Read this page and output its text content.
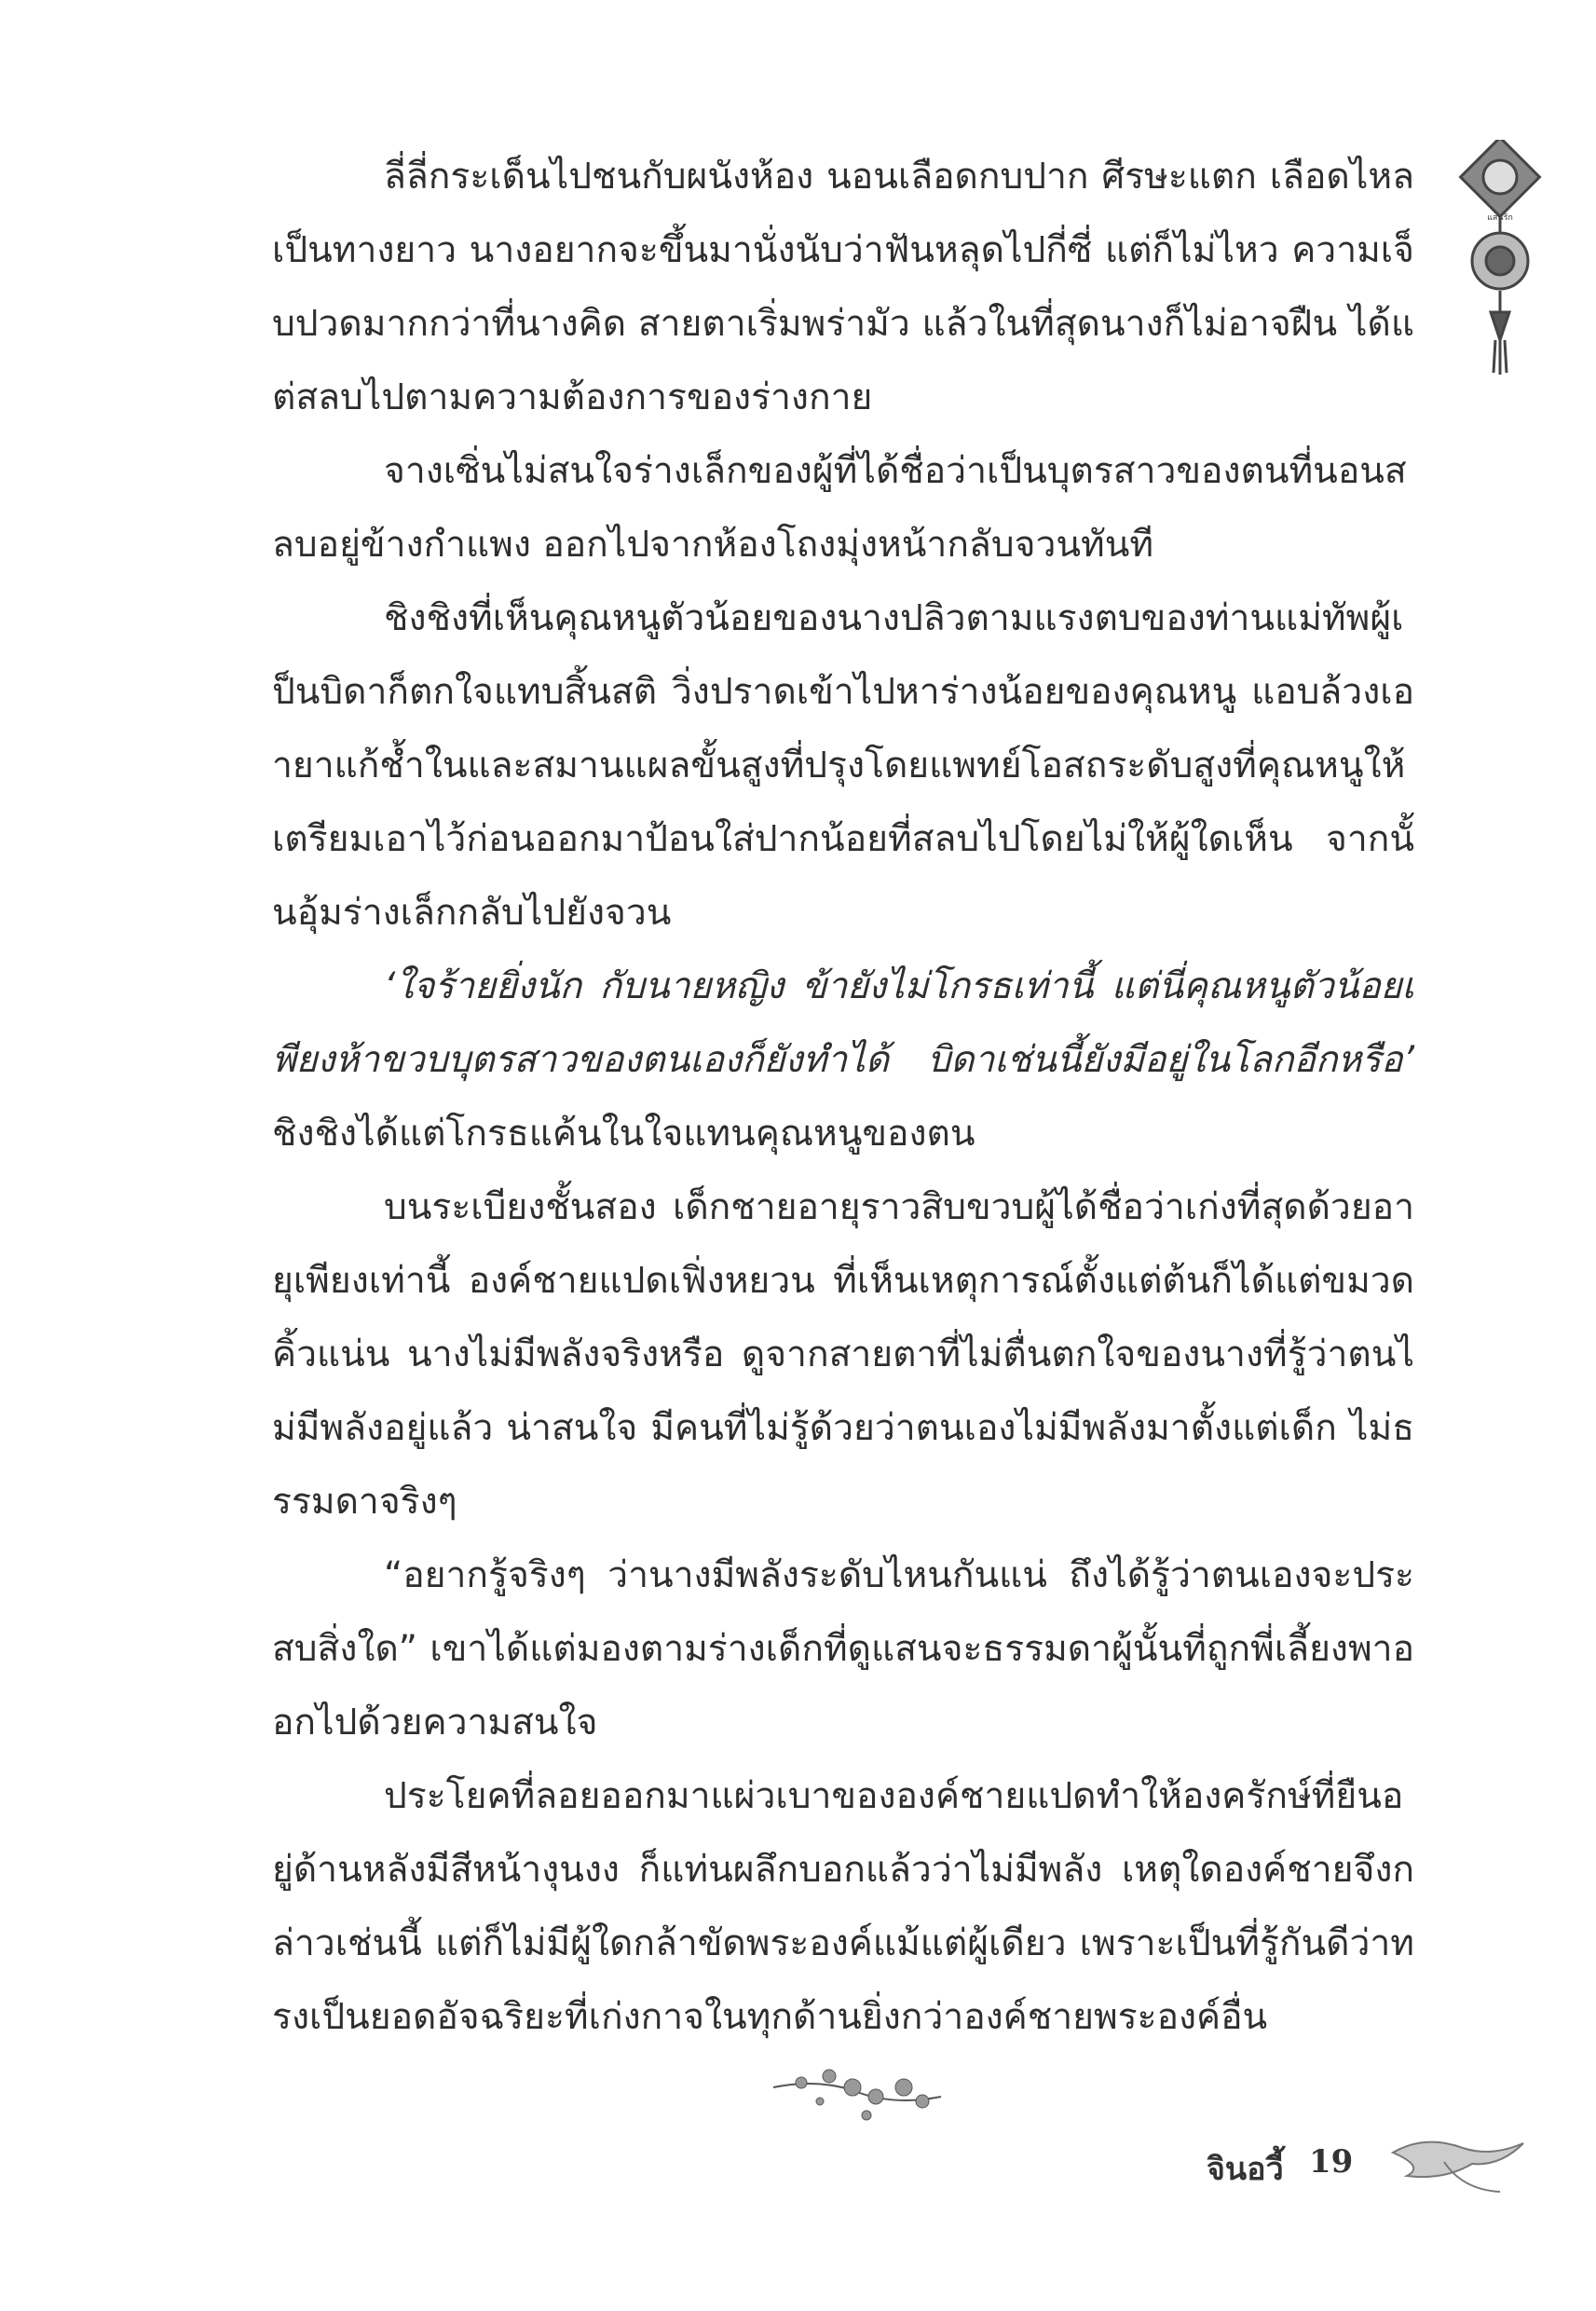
แสนรัก

ลี่ลี่กระเด็นไปชนกับผนังห้อง นอนเลือดกบปาก ศีรษะแตก เลือดไหลเป็นทางยาว นางอยากจะขึ้นมานั่งนับว่าฟันหลุดไปกี่ซี่ แต่ก็ไม่ไหว ความเจ็บปวดมากกว่าที่นางคิด สายตาเริ่มพร่ามัว แล้วในที่สุดนางก็ไม่อาจฝืน ได้แต่สลบไปตามความต้องการของร่างกาย

จางเซิ่นไม่สนใจร่างเล็กของผู้ที่ได้ชื่อว่าเป็นบุตรสาวของตนที่นอนสลบอยู่ข้างกำแพง ออกไปจากห้องโถงมุ่งหน้ากลับจวนทันที

ชิงชิงที่เห็นคุณหนูตัวน้อยของนางปลิวตามแรงตบของท่านแม่ทัพผู้เป็นบิดาก็ตกใจแทบสิ้นสติ วิ่งปราดเข้าไปหาร่างน้อยของคุณหนู แอบล้วงเอายาแก้ช้ำในและสมานแผลขั้นสูงที่ปรุงโดยแพทย์โอสถระดับสูงที่คุณหนูให้เตรียมเอาไว้ก่อนออกมาป้อนใส่ปากน้อยที่สลบไปโดยไม่ให้ผู้ใดเห็น จากนั้นอุ้มร่างเล็กกลับไปยังจวน

‘ใจร้ายยิ่งนัก กับนายหญิง ข้ายังไม่โกรธเท่านี้ แต่นี่คุณหนูตัวน้อยเพียงห้าขวบบุตรสาวของตนเองก็ยังทำได้ บิดาเช่นนี้ยังมีอยู่ในโลกอีกหรือ’ ชิงชิงได้แต่โกรธแค้นในใจแทนคุณหนูของตน

บนระเบียงชั้นสอง เด็กชายอายุราวสิบขวบผู้ได้ชื่อว่าเก่งที่สุดด้วยอายุเพียงเท่านี้ องค์ชายแปดเฟิ่งหยวน ที่เห็นเหตุการณ์ตั้งแต่ต้นก็ได้แต่ขมวดคิ้วแน่น นางไม่มีพลังจริงหรือ ดูจากสายตาที่ไม่ตื่นตกใจของนางที่รู้ว่าตนไม่มีพลังอยู่แล้ว น่าสนใจ มีคนที่ไม่รู้ด้วยว่าตนเองไม่มีพลังมาตั้งแต่เด็ก ไม่ธรรมดาจริงๆ

“อยากรู้จริงๆ ว่านางมีพลังระดับไหนกันแน่ ถึงได้รู้ว่าตนเองจะประสบสิ่งใด” เขาได้แต่มองตามร่างเด็กที่ดูแสนจะธรรมดาผู้นั้นที่ถูกพี่เลี้ยงพาออกไปด้วยความสนใจ

ประโยคที่ลอยออกมาแผ่วเบาขององค์ชายแปดทำให้องครักษ์ที่ยืนอยู่ด้านหลังมีสีหน้างุนงง ก็แท่นผลึกบอกแล้วว่าไม่มีพลัง เหตุใดองค์ชายจึงกล่าวเช่นนี้ แต่ก็ไม่มีผู้ใดกล้าขัดพระองค์แม้แต่ผู้เดียว เพราะเป็นที่รู้กันดีว่าทรงเป็นยอดอัจฉริยะที่เก่งกาจในทุกด้านยิ่งกว่าองค์ชายพระองค์อื่น

จินอวี้ 19
